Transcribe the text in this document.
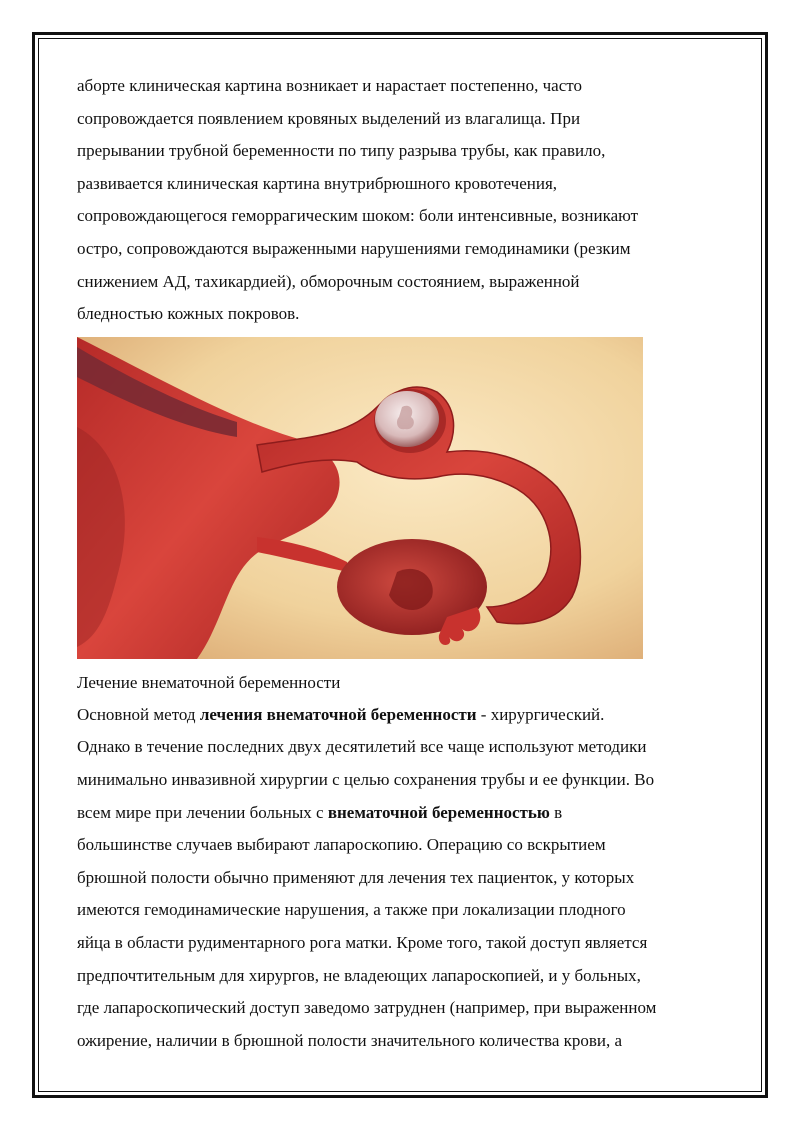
аборте клиническая картина возникает и нарастает постепенно, часто
сопровождается появлением кровяных выделений из влагалища. При
прерывании трубной беременности по типу разрыва трубы, как правило,
развивается клиническая картина внутрибрюшного кровотечения,
сопровождающегося геморрагическим шоком: боли интенсивные, возникают
остро, сопровождаются выраженными нарушениями гемодинамики (резким
снижением АД, тахикардией), обморочным состоянием, выраженной
бледностью кожных покровов.
Лечение внематочной беременности
Основной метод лечения внематочной беременности - хирургический.
Однако в течение последних двух десятилетий все чаще используют методики
минимально инвазивной хирургии с целью сохранения трубы и ее функции. Во
всем мире при лечении больных с внематочной беременностью в
большинстве случаев выбирают лапароскопию. Операцию со вскрытием
брюшной полости обычно применяют для лечения тех пациенток, у которых
имеются гемодинамические нарушения, а также при локализации плодного
яйца в области рудиментарного рога матки. Кроме того, такой доступ является
предпочтительным для хирургов, не владеющих лапароскопией, и у больных,
где лапароскопический доступ заведомо затруднен (например, при выраженном
ожирение, наличии в брюшной полости значительного количества крови, а
